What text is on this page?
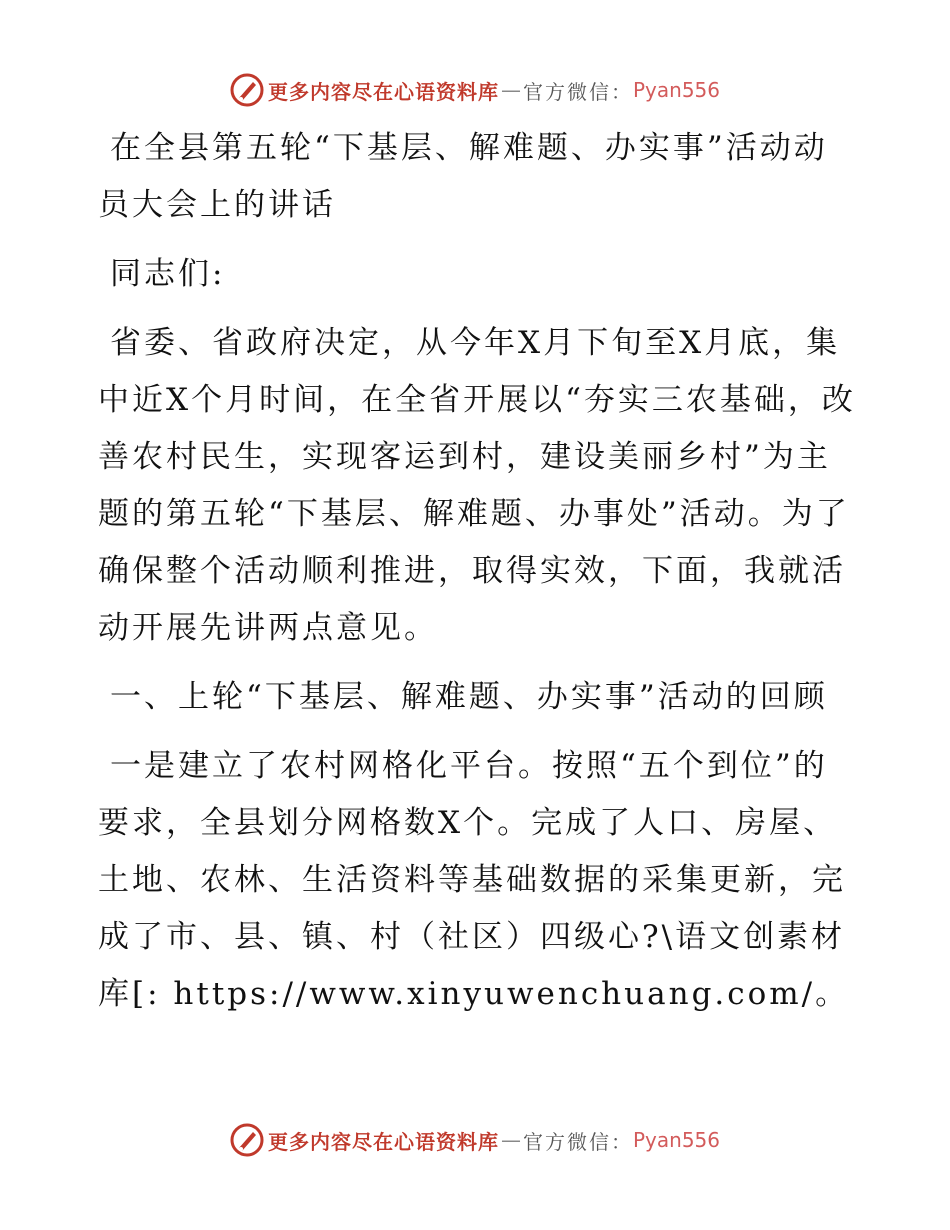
更多内容尽在心语资料库 — 官方微信： Pyan556

在全县第五轮“下基层、解难题、办实事”活动动员大会上的讲话

同志们:

省委、省政府决定，从今年X月下旬至X月底，集中近X个月时间，在全省开展以“夯实三农基础，改善农村民生，实现客运到村，建设美丽乡村”为主题的第五轮“下基层、解难题、办事处”活动。为了确保整个活动顺利推进，取得实效，下面，我就活动开展先讲两点意见。

一、上轮“下基层、解难题、办实事”活动的回顾

一是建立了农村网格化平台。按照“五个到位”的要求，全县划分网格数X个。完成了人口、房屋、土地、农林、生活资料等基础数据的采集更新，完成了市、县、镇、村（社区）四级心?\语文创素材库[: https://www.xinyuwenchuang.com/。

更多内容尽在心语资料库 — 官方微信： Pyan556
